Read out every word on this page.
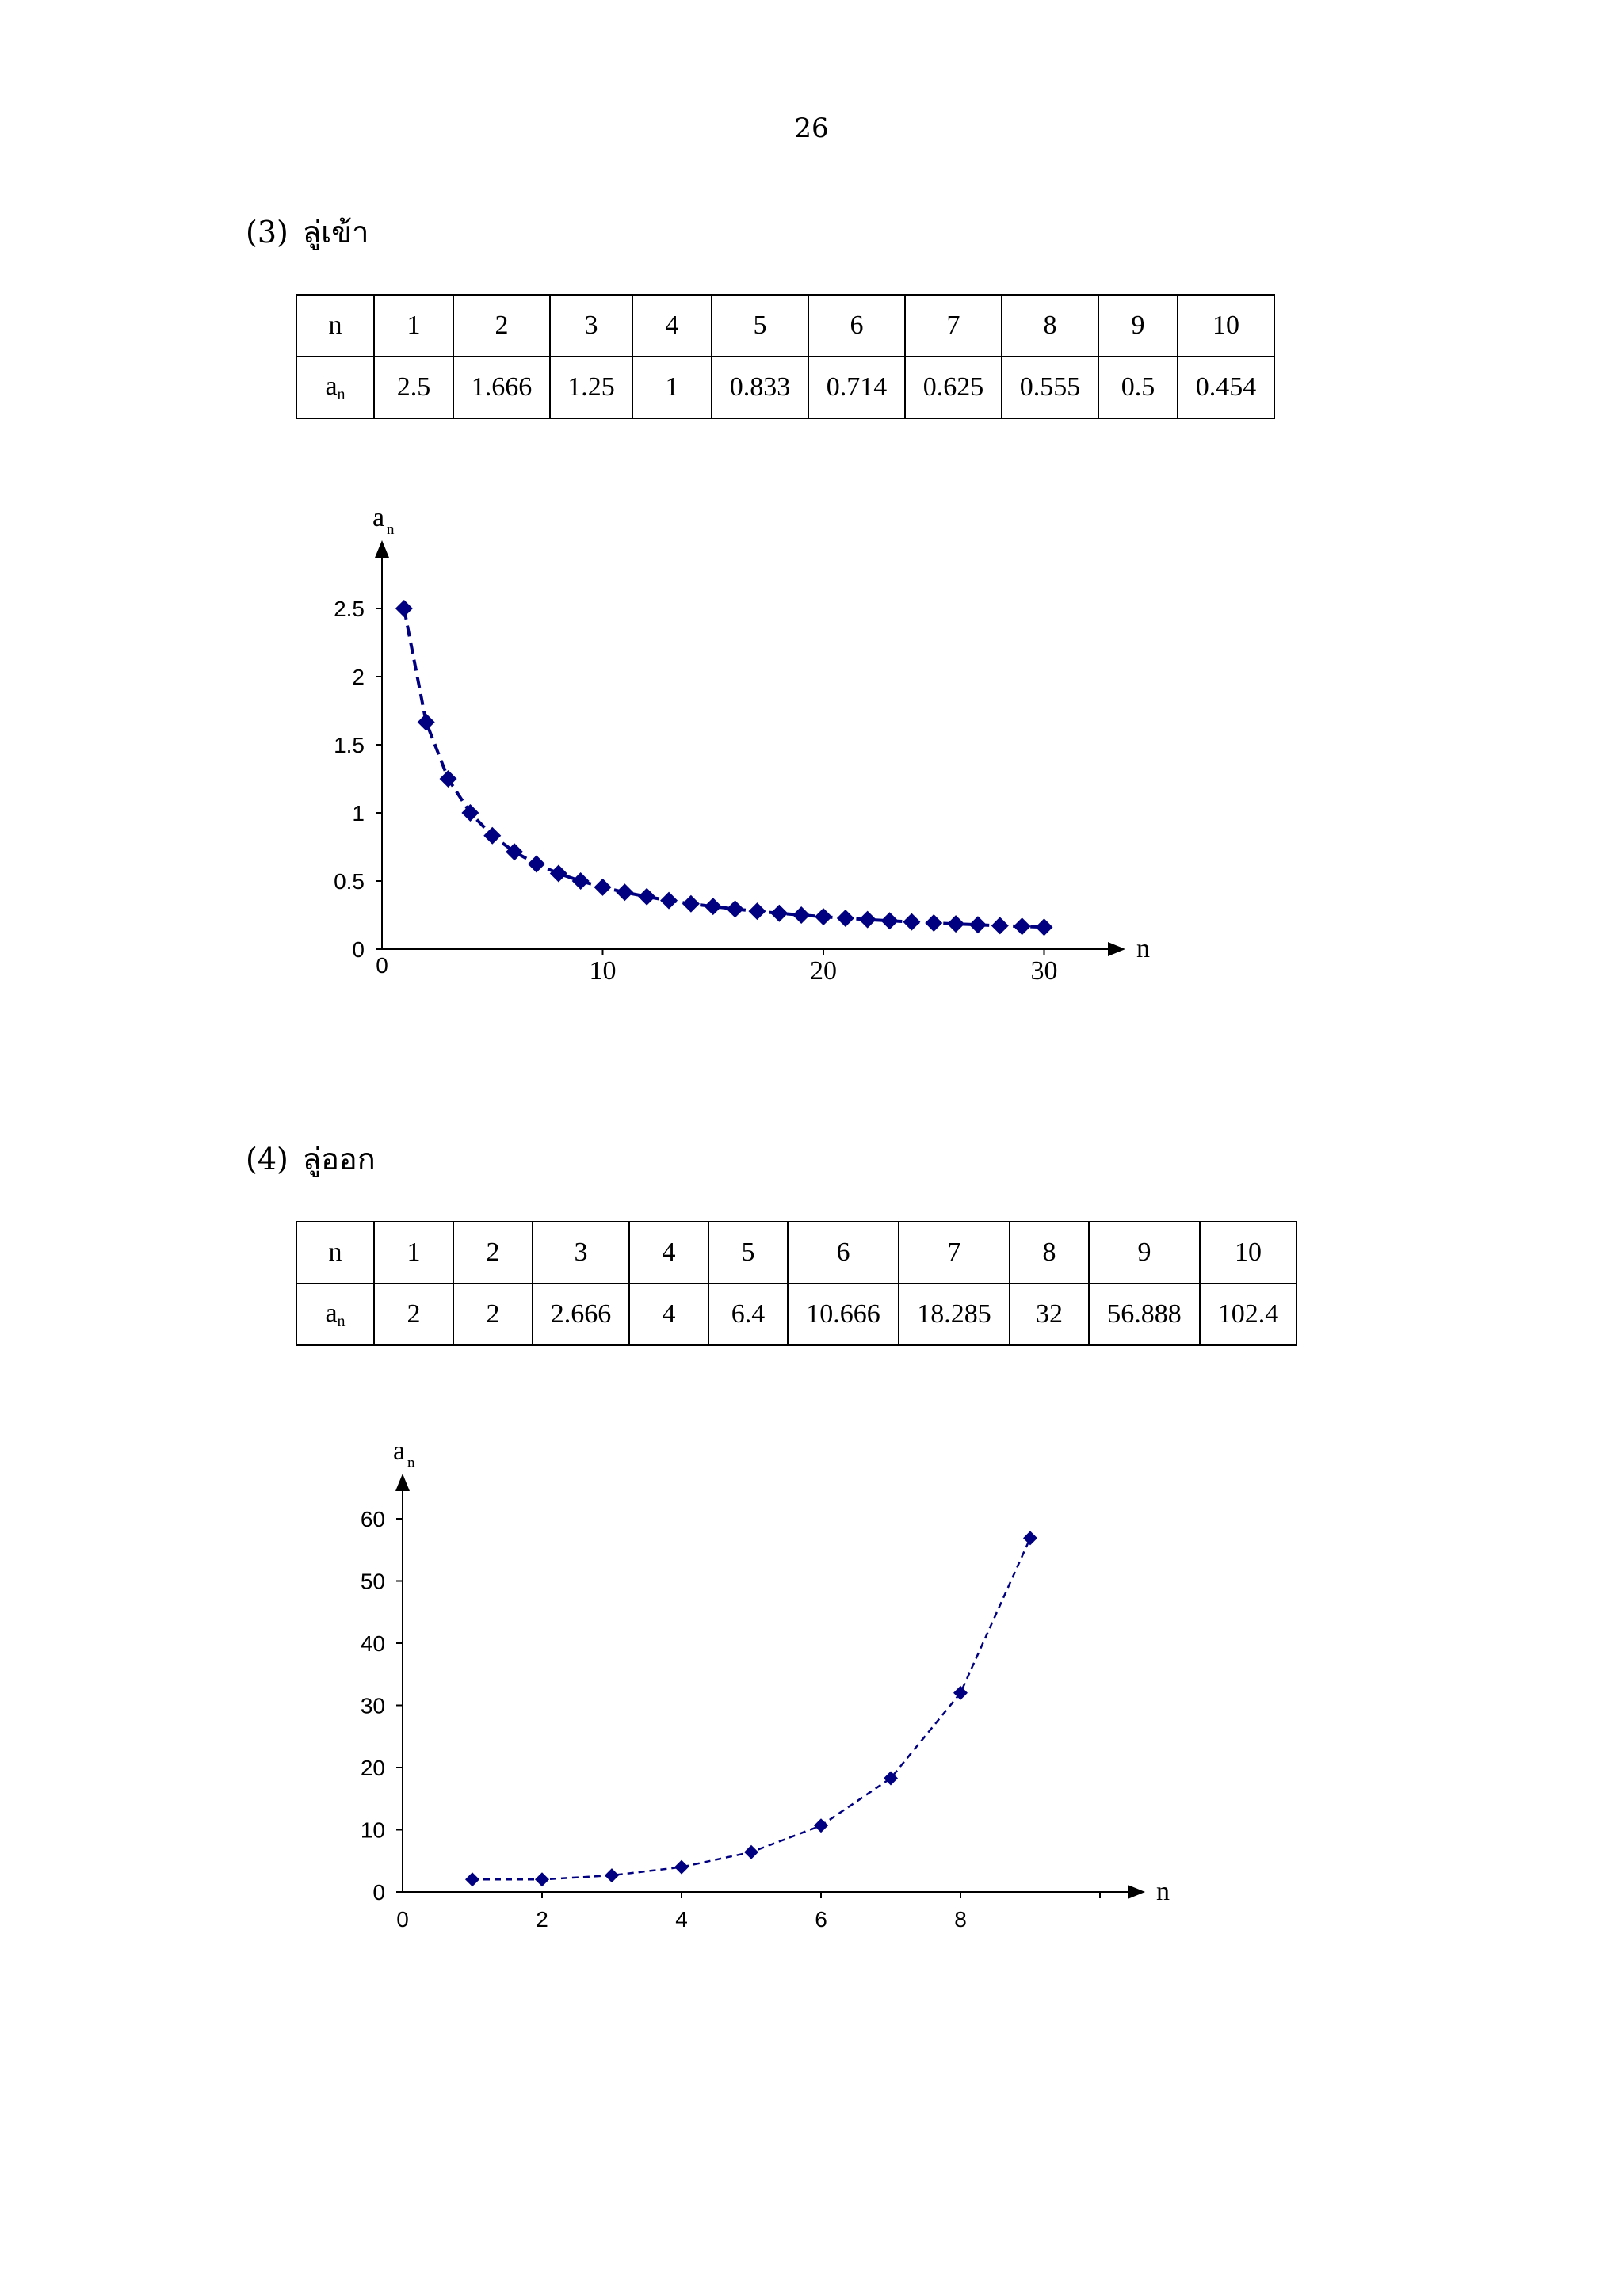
26
(3) ลู่เข้า
n	1	2	3	4	5	6	7	8	9	10
$a_n$	2.5	1.666	1.25	1	0.833	0.714	0.625	0.555	0.5	0.454
n
a n
0
0.5
1
1.5
2
2.5
0	10	20	30
(4) ลู่ออก
n	1	2	3	4	5	6	7	8	9	10
$a_n$	2	2	2.666	4	6.4	10.666	18.285	32	56.888	102.4
n
a n
0
10
20
30
40
50
60
0	2	4	6	8
